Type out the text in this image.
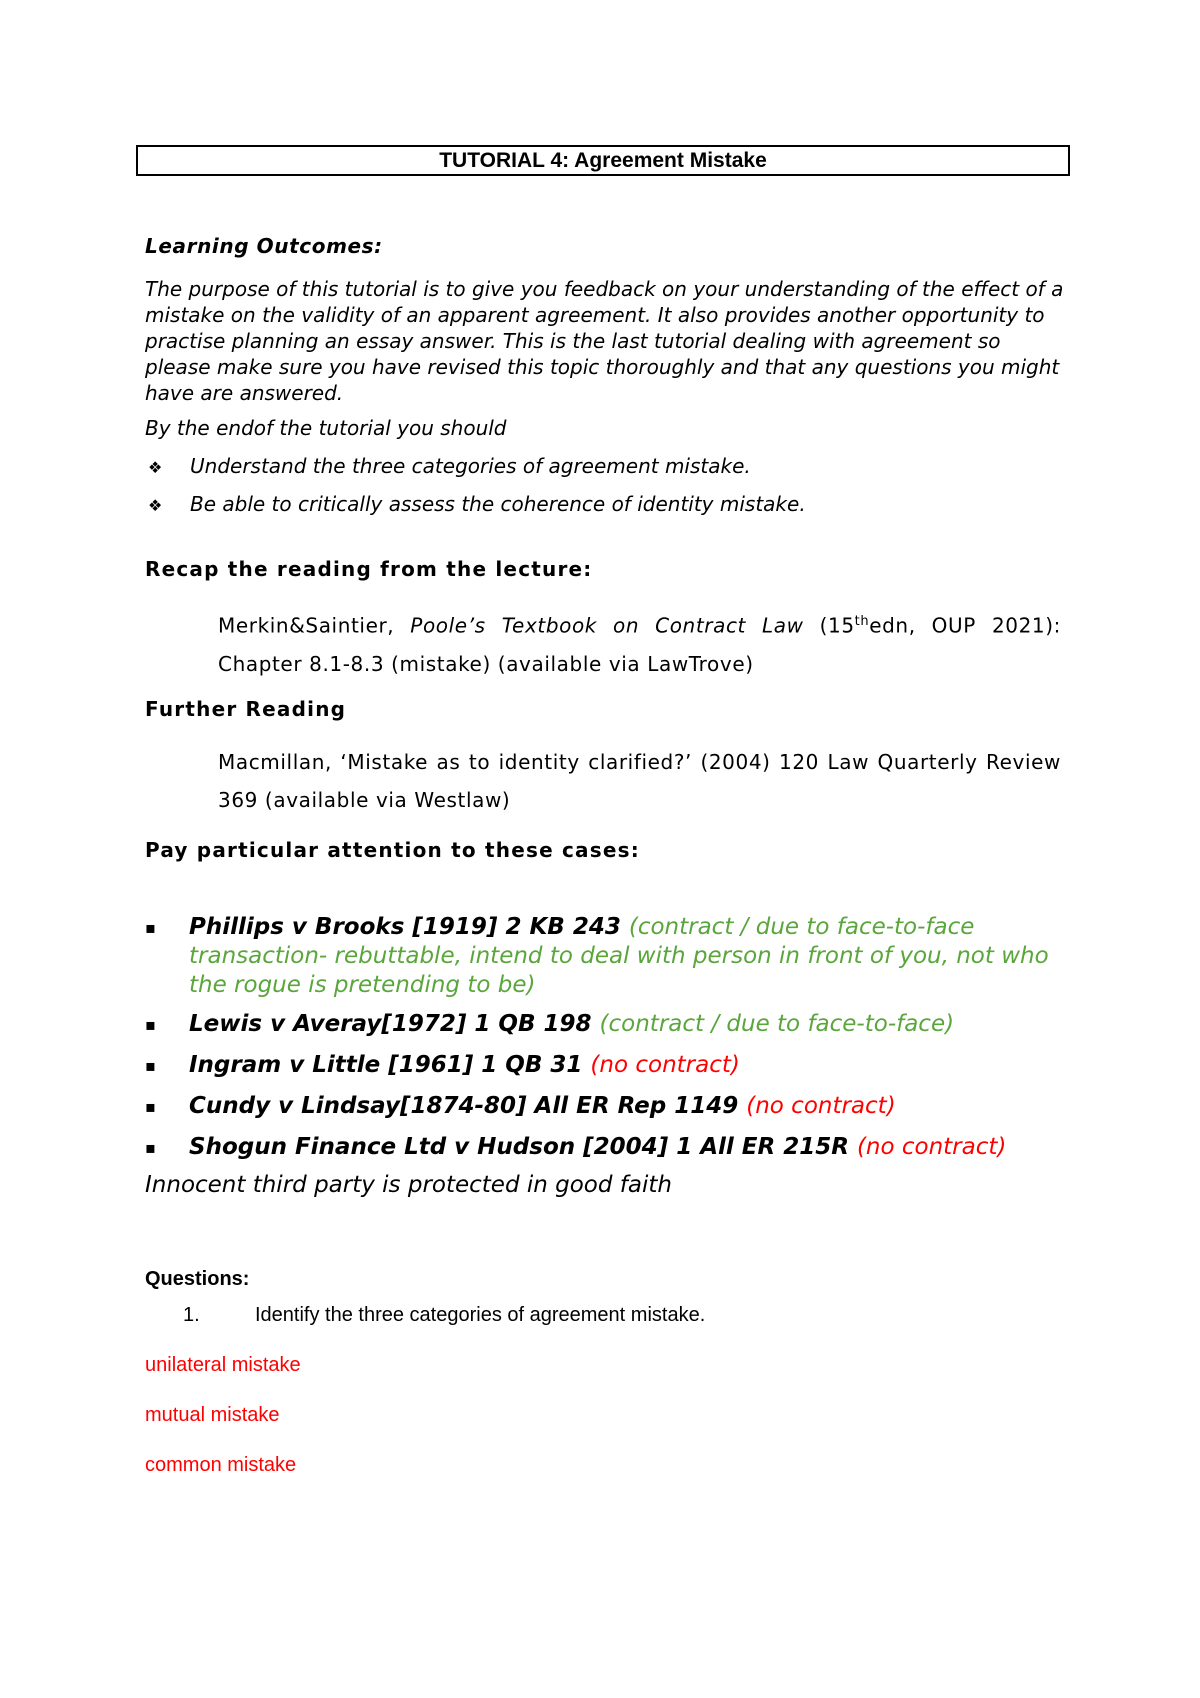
TUTORIAL 4: Agreement Mistake
Learning Outcomes:
The purpose of this tutorial is to give you feedback on your understanding of the effect of a mistake on the validity of an apparent agreement. It also provides another opportunity to practise planning an essay answer. This is the last tutorial dealing with agreement so please make sure you have revised this topic thoroughly and that any questions you might have are answered.
By the endof the tutorial you should
❖ Understand the three categories of agreement mistake.
❖ Be able to critically assess the coherence of identity mistake.
Recap the reading from the lecture:
Merkin&Saintier, Poole’s Textbook on Contract Law (15thedn, OUP 2021): Chapter 8.1-8.3 (mistake) (available via LawTrove)
Further Reading
Macmillan, ‘Mistake as to identity clarified?’ (2004) 120 Law Quarterly Review 369 (available via Westlaw)
Pay particular attention to these cases:
▪ Phillips v Brooks [1919] 2 KB 243 (contract / due to face-to-face transaction- rebuttable, intend to deal with person in front of you, not who the rogue is pretending to be)
▪ Lewis v Averay[1972] 1 QB 198 (contract / due to face-to-face)
▪ Ingram v Little [1961] 1 QB 31 (no contract)
▪ Cundy v Lindsay[1874-80] All ER Rep 1149 (no contract)
▪ Shogun Finance Ltd v Hudson [2004] 1 All ER 215R (no contract)
Innocent third party is protected in good faith
Questions:
1.	Identify the three categories of agreement mistake.
unilateral mistake
mutual mistake
common mistake
